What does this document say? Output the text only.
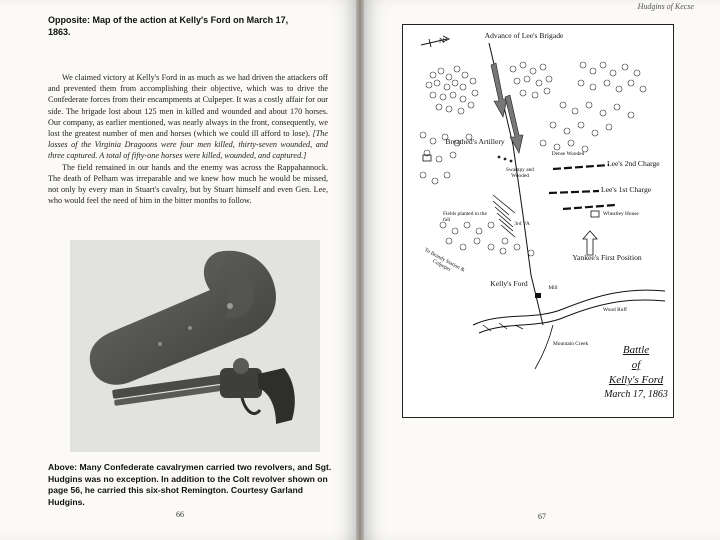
Opposite: Map of the action at Kelly's Ford on March 17, 1863.

We claimed victory at Kelly's Ford in as much as we had driven the attackers off and prevented them from accomplishing their objective, which was to drive the Confederate forces from their encampments at Culpeper. It was a costly affair for our side. The brigade lost about 125 men in killed and wounded and about 170 horses. Our company, as earlier mentioned, was nearly always in the front, consequently, we lost the greatest number of men and horses (which we could ill afford to lose). [The losses of the Virginia Dragoons were four men killed, thirty-seven wounded, and three captured. A total of fifty-one horses were killed, wounded, and captured.]

The field remained in our hands and the enemy was across the Rappahannock. The death of Pelham was irreparable and we knew how much he would be missed, not only by every man in Stuart's cavalry, but by Stuart himself and even Gen. Lee, who would feel the need of him in the bitter months to follow.

Above: Many Confederate cavalrymen carried two revolvers, and Sgt. Hudgins was no exception. In addition to the Colt revolver shown on page 56, he carried this six-shot Remington. Courtesy Garland Hudgins.
66
Hudgins of Kecse
67
N
Advance of Lee's Brigade
Breathed's Artillery
Dense Wooded
Swampy and Wooded
Lee's 2nd Charge
Lee's 1st Charge
Wheatley House
Fields planted in the fall
3rd VA
To Brandy Station & Culpeper
Yankee's First Position
Kelly's Ford	Mill
Wood Ruff
Mountain Creek	Battle
of
Kelly's Ford
March 17, 1863
